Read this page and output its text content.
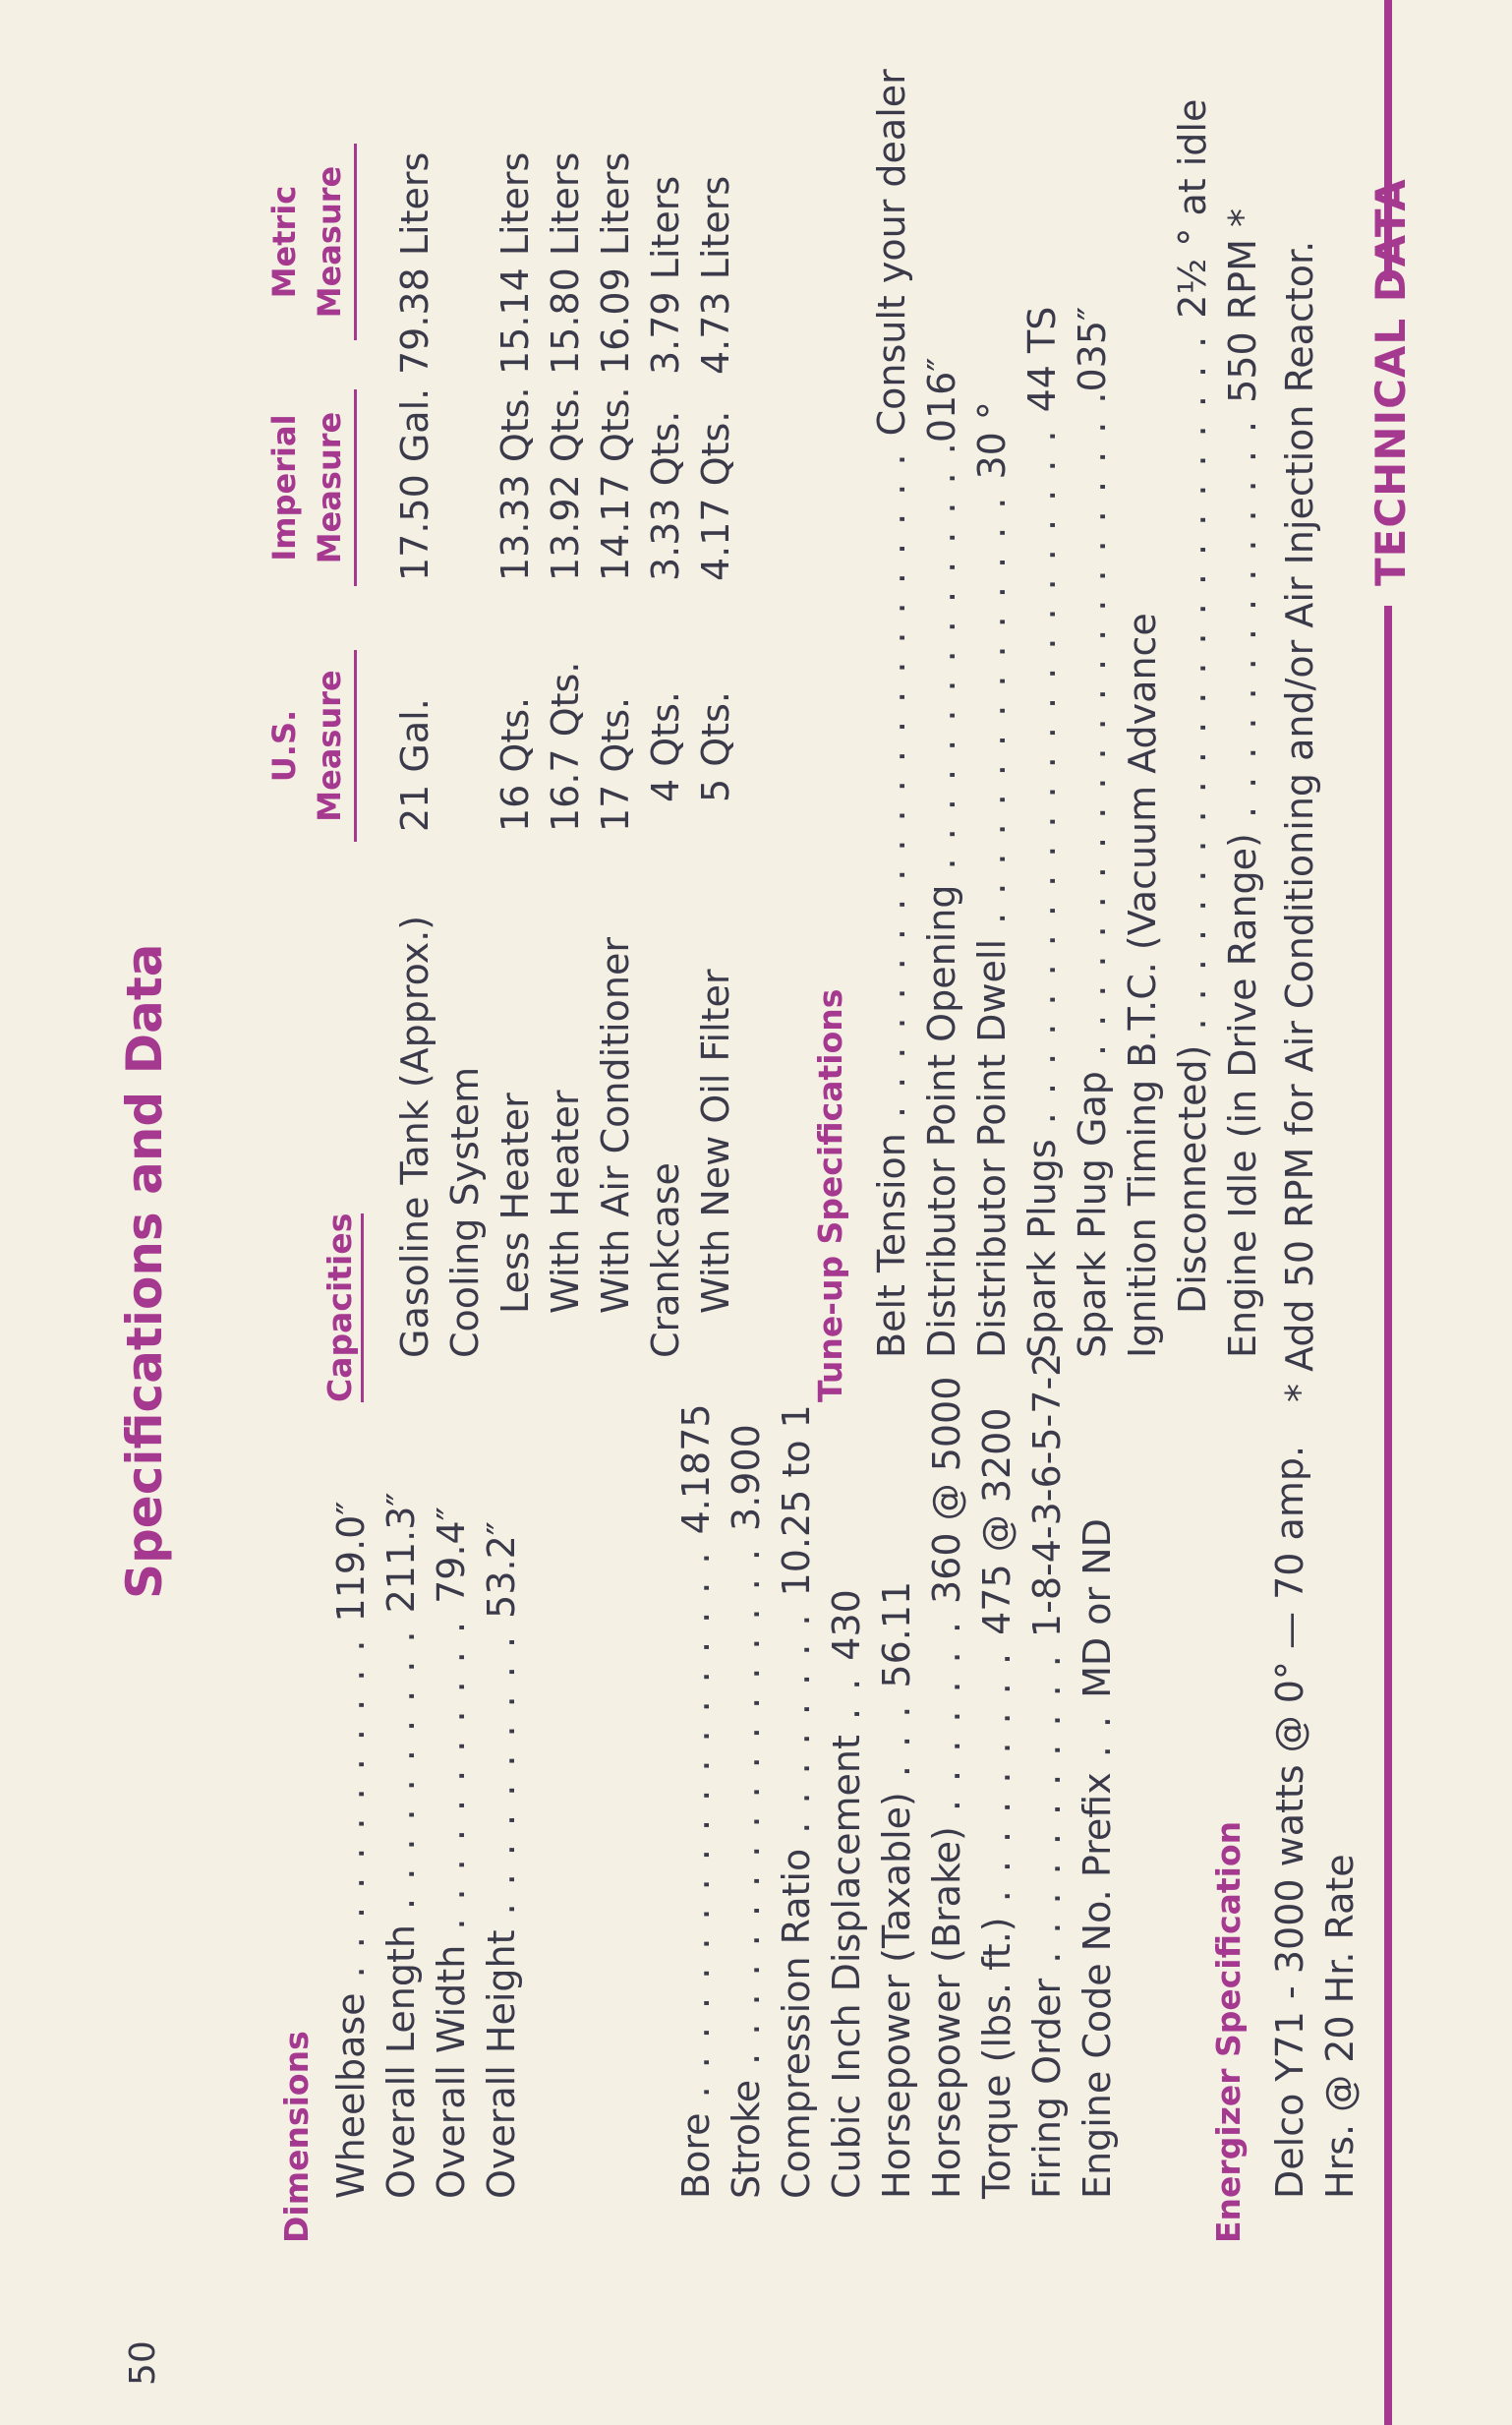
50
Specifications and Data
Dimensions Wheelbase . . . . . . . . . . . . 119.0″
Overall Length . . . . . . . . . . 211.3″
Overall Width . . . . . . . . . . . 79.4″
Overall Height . . . . . . . . . . 53.2″
Bore . . . . . . . . . . . . . . . . . . . 4.1875
Stroke . . . . . . . . . . . . . . . . . . 3.900
Compression Ratio . . . . . . . . 10.25 to 1
Cubic Inch Displacement . . 430
Horsepower (Taxable) . . . 56.11
Horsepower (Brake) . . . . . . . 360 @ 5000
Torque (lbs. ft.) . . . . . . . . . 475 @ 3200
Firing Order . . . . . . . . . . . 1-8-4-3-6-5-7-2
Engine Code No. Prefix . . MD or ND
Energizer Specification Delco Y71 - 3000 watts @ 0° — 70 amp. Hrs. @ 20 Hr. Rate
Capacities
U.S. Measure
Imperial Measure
Metric Measure
Gasoline Tank (Approx.)
21 Gal.
17.50 Gal.
79.38 Liters
Cooling System Less Heater
16 Qts.
13.33 Qts.
15.14 Liters
With Heater
16.7 Qts.
13.92 Qts.
15.80 Liters
With Air Conditioner
17 Qts.
14.17 Qts.
16.09 Liters
Crankcase
4 Qts.
3.33 Qts.
3.79 Liters
With New Oil Filter
5 Qts.
4.17 Qts.
4.73 Liters
Tune-up Specifications Belt Tension . . . . . . . . . . . . . . . . . . . . . . . Consult your dealer
Distributor Point Opening . . . . . . . . . . . . . . .016″
Distributor Point Dwell . . . . . . . . . . . . . . . 30 °
Spark Plugs . . . . . . . . . . . . . . . . . . . . . . . . 44 TS
Spark Plug Gap . . . . . . . . . . . . . . . . . . . . . . .035″
Ignition Timing B.T.C. (Vacuum Advance Disconnected) . . . . . . . . . . . . . . . . . . . . . . . . 2½ ° at idle
Engine Idle (in Drive Range) . . . . . . . . . . . . . . 550 RPM * * Add 50 RPM for Air Conditioning and/or Air Injection Reactor. TECHNICAL DATA
